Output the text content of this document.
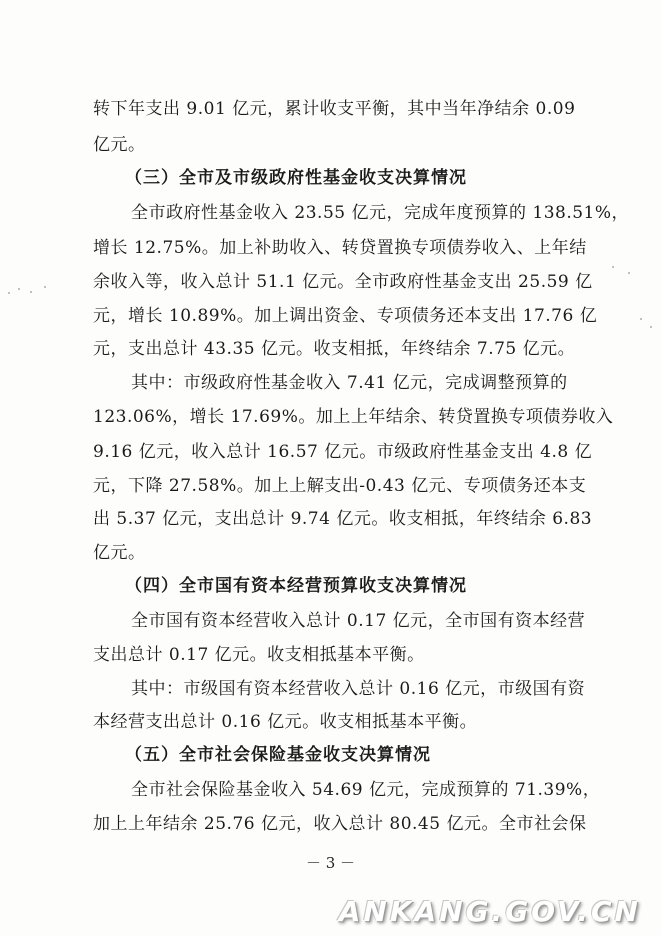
转下年支出 9.01 亿元，累计收支平衡，其中当年净结余 0.09
亿元。
（三）全市及市级政府性基金收支决算情况
全市政府性基金收入 23.55 亿元，完成年度预算的 138.51%，
增长 12.75%。加上补助收入、转贷置换专项债券收入、上年结
余收入等，收入总计 51.1 亿元。全市政府性基金支出 25.59 亿
元，增长 10.89%。加上调出资金、专项债务还本支出 17.76 亿
元，支出总计 43.35 亿元。收支相抵，年终结余 7.75 亿元。
其中：市级政府性基金收入 7.41 亿元，完成调整预算的
123.06%，增长 17.69%。加上上年结余、转贷置换专项债券收入
9.16 亿元，收入总计 16.57 亿元。市级政府性基金支出 4.8 亿
元，下降 27.58%。加上上解支出-0.43 亿元、专项债务还本支
出 5.37 亿元，支出总计 9.74 亿元。收支相抵，年终结余 6.83
亿元。
（四）全市国有资本经营预算收支决算情况
全市国有资本经营收入总计 0.17 亿元，全市国有资本经营
支出总计 0.17 亿元。收支相抵基本平衡。
其中：市级国有资本经营收入总计 0.16 亿元，市级国有资
本经营支出总计 0.16 亿元。收支相抵基本平衡。
（五）全市社会保险基金收支决算情况
全市社会保险基金收入 54.69 亿元，完成预算的 71.39%，
加上上年结余 25.76 亿元，收入总计 80.45 亿元。全市社会保
－ 3 －
ANKANG.GOV.CN
